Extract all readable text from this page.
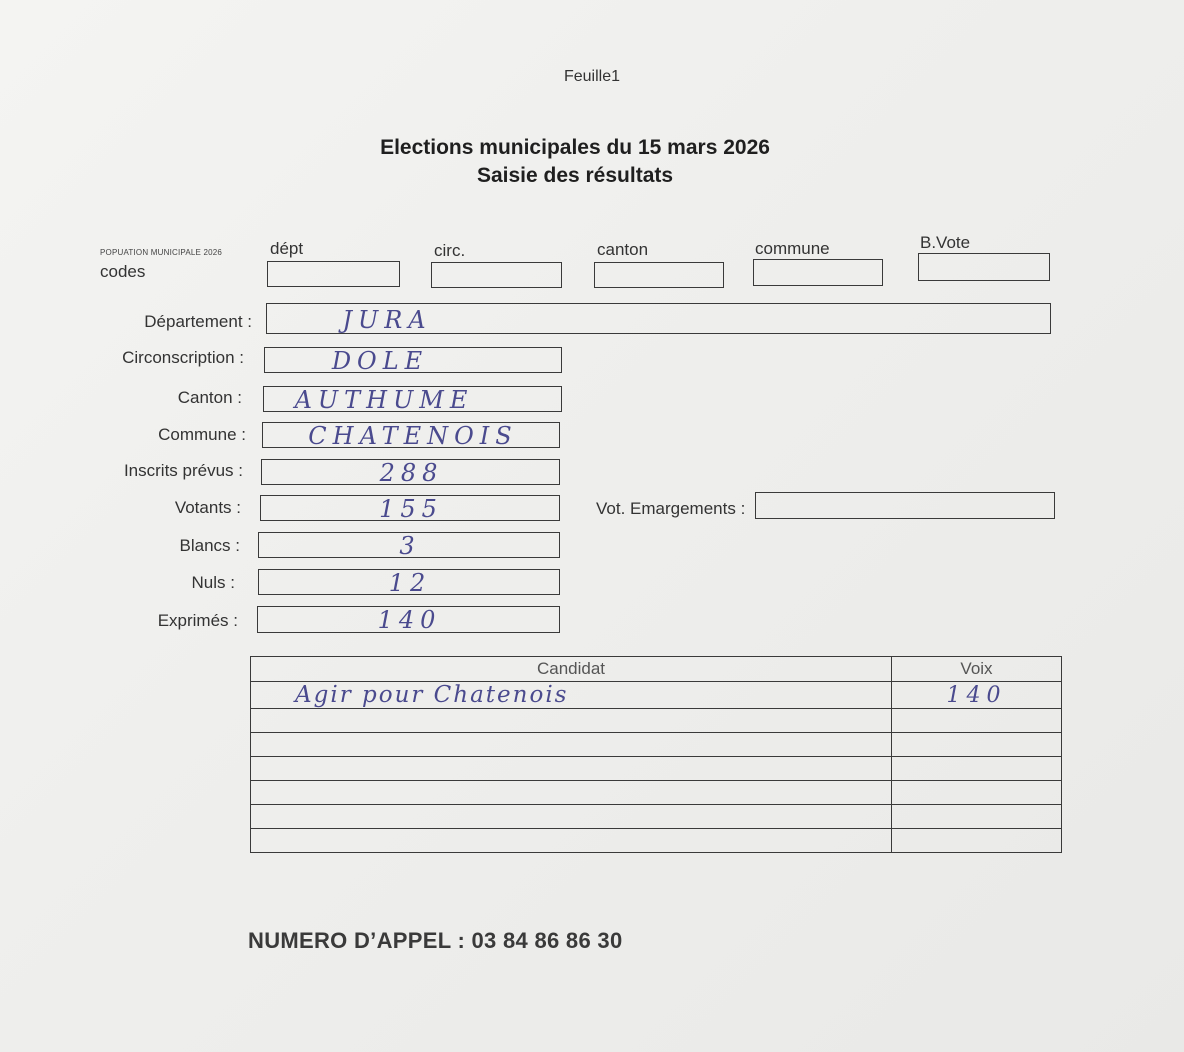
Feuille1
Elections municipales du 15 mars 2026
Saisie des résultats
POPUATION MUNICIPALE 2026
codes
dépt	circ.	canton	commune	B.Vote
Département :	JURA
Circonscription :	DOLE
Canton :	AUTHUME
Commune :	CHATENOIS
Inscrits prévus :	288
Votants :	155	Vot. Emargements :
Blancs :	3
Nuls :	12
Exprimés :	140
Candidat	Voix
Agir pour Chatenois	140

NUMERO D’APPEL : 03 84 86 86 30
